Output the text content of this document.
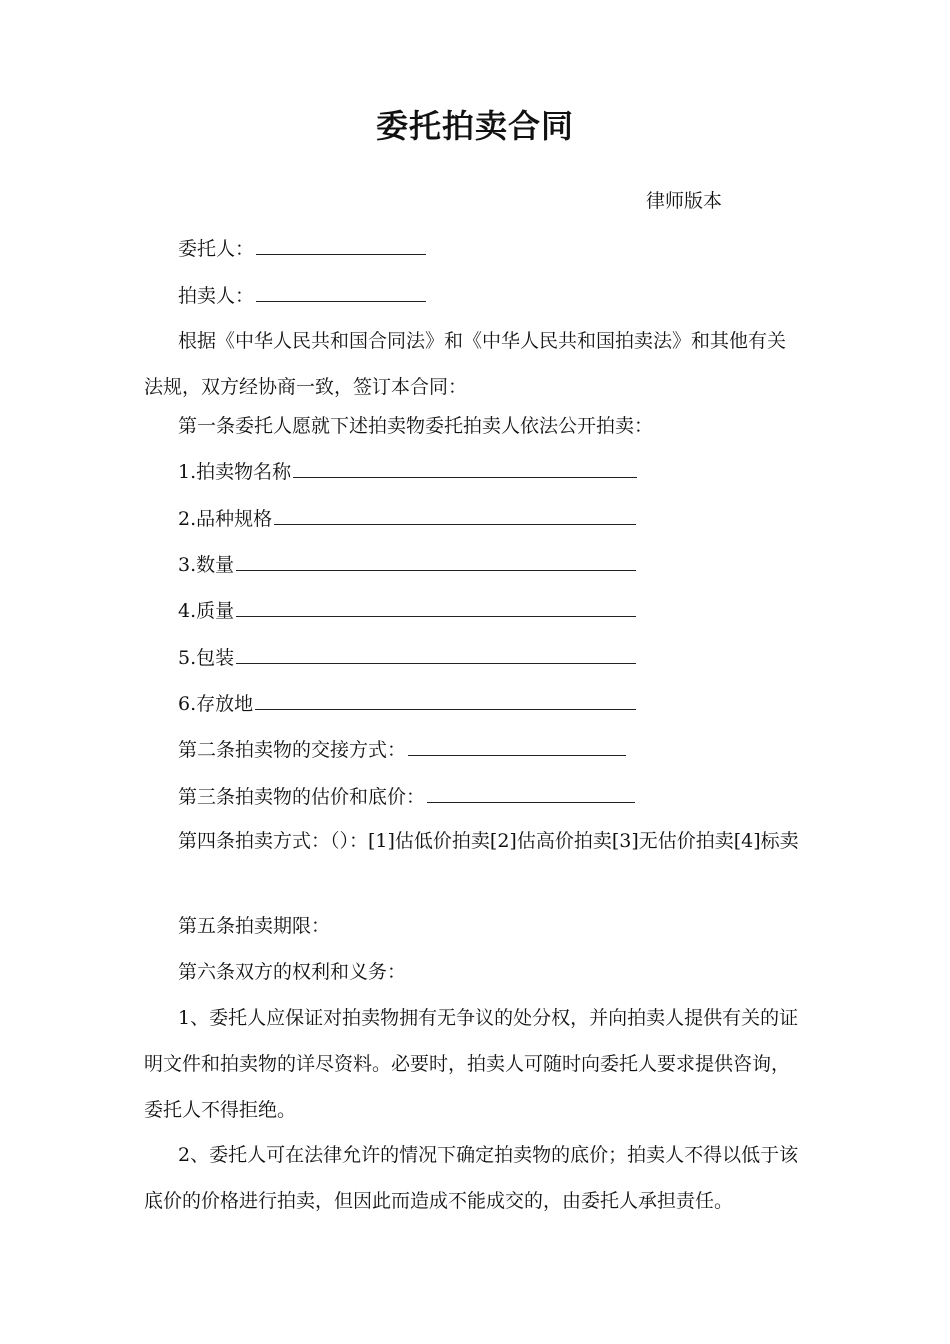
委托拍卖合同
律师版本
委托人：
拍卖人：
根据《中华人民共和国合同法》和《中华人民共和国拍卖法》和其他有关法规，双方经协商一致，签订本合同：
第一条委托人愿就下述拍卖物委托拍卖人依法公开拍卖：
1.拍卖物名称
2.品种规格
3.数量
4.质量
5.包装
6.存放地
第二条拍卖物的交接方式：
第三条拍卖物的估价和底价：
第四条拍卖方式：（）：[1]估低价拍卖[2]估高价拍卖[3]无估价拍卖[4]标卖
第五条拍卖期限：
第六条双方的权利和义务：
1、委托人应保证对拍卖物拥有无争议的处分权，并向拍卖人提供有关的证明文件和拍卖物的详尽资料。必要时，拍卖人可随时向委托人要求提供咨询，委托人不得拒绝。
2、委托人可在法律允许的情况下确定拍卖物的底价；拍卖人不得以低于该底价的价格进行拍卖，但因此而造成不能成交的，由委托人承担责任。
